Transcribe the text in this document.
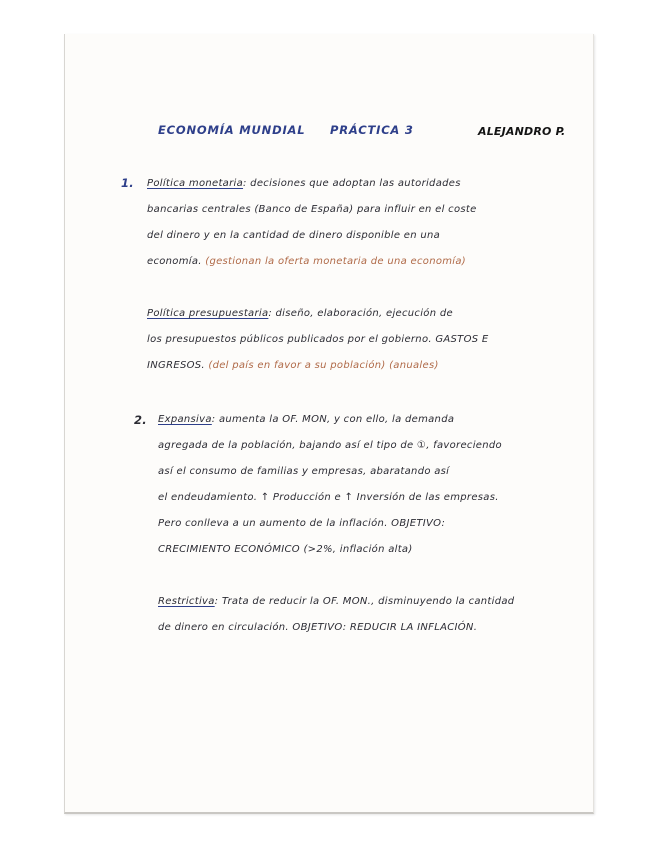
ECONOMÍA MUNDIAL PRÁCTICA 3	ALEJANDRO P.
1. Política monetaria: decisiones que adoptan las autoridades
bancarias centrales (Banco de España) para influir en el coste
del dinero y en la cantidad de dinero disponible en una
economía. (gestionan la oferta monetaria de una economía)
Política presupuestaria: diseño, elaboración, ejecución de
los presupuestos públicos publicados por el gobierno. GASTOS E
INGRESOS. (del país en favor a su población) (anuales)
2. Expansiva: aumenta la OF. MON, y con ello, la demanda
agregada de la población, bajando así el tipo de ①, favoreciendo
así el consumo de familias y empresas, abaratando así
el endeudamiento. ↑ Producción e ↑ Inversión de las empresas.
Pero conlleva a un aumento de la inflación. OBJETIVO:
CRECIMIENTO ECONÓMICO (>2%, inflación alta)
Restrictiva: Trata de reducir la OF. MON., disminuyendo la cantidad
de dinero en circulación. OBJETIVO: REDUCIR LA INFLACIÓN.
